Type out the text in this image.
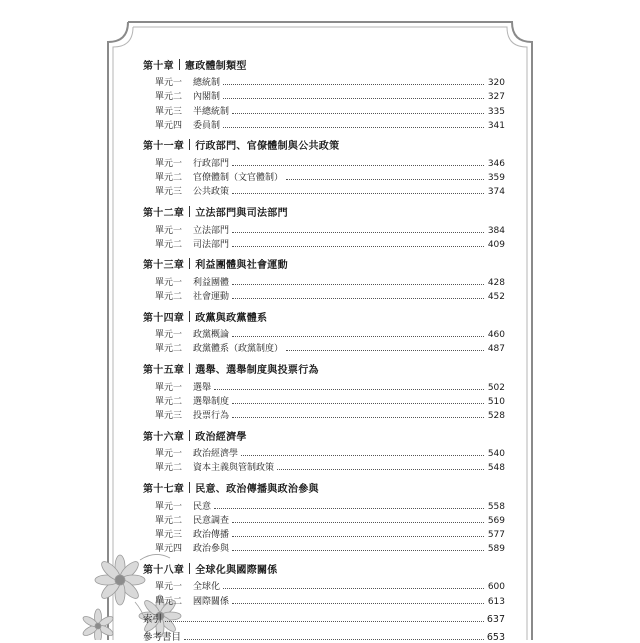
第十章 憲政體制類型
單元一	總統制	320
單元二	內閣制	327
單元三	半總統制	335
單元四	委員制	341
第十一章 行政部門、官僚體制與公共政策
單元一	行政部門	346
單元二	官僚體制（文官體制）	359
單元三	公共政策	374
第十二章 立法部門與司法部門
單元一	立法部門	384
單元二	司法部門	409
第十三章 利益團體與社會運動
單元一	利益團體	428
單元二	社會運動	452
第十四章 政黨與政黨體系
單元一	政黨概論	460
單元二	政黨體系（政黨制度）	487
第十五章 選舉、選舉制度與投票行為
單元一	選舉	502
單元二	選舉制度	510
單元三	投票行為	528
第十六章 政治經濟學
單元一	政治經濟學	540
單元二	資本主義與管制政策	548
第十七章 民意、政治傳播與政治參與
單元一	民意	558
單元二	民意調查	569
單元三	政治傳播	577
單元四	政治參與	589
第十八章 全球化與國際關係
單元一	全球化	600
單元二	國際關係	613
索引	637
參考書目	653
